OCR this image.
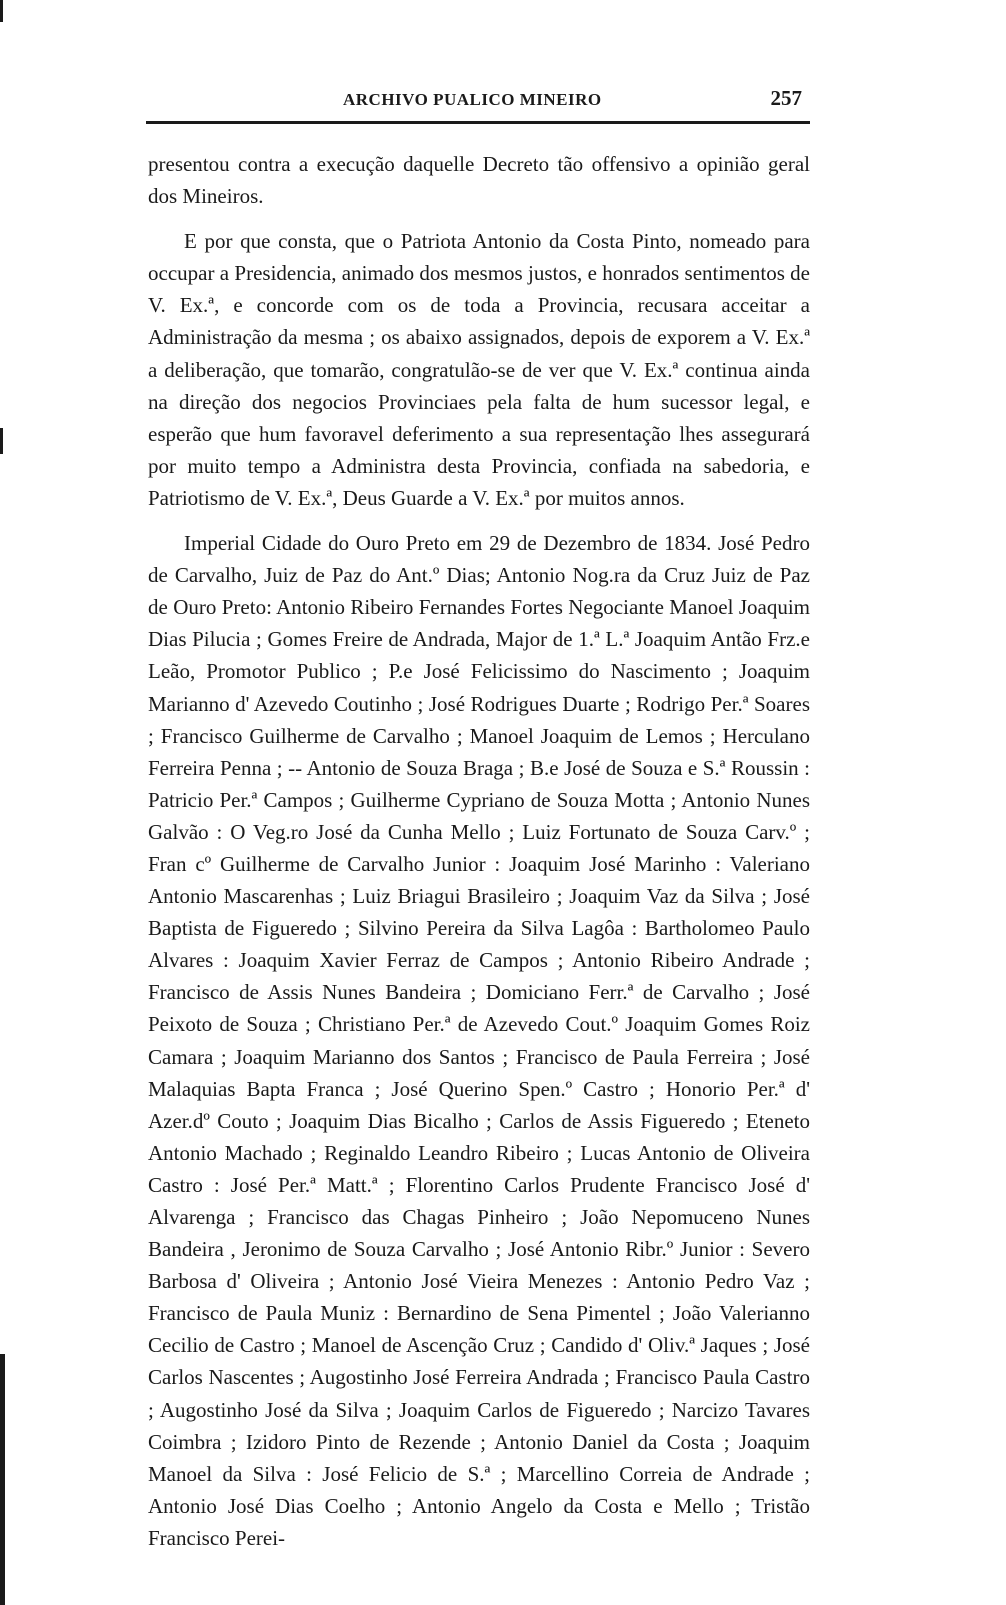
ARCHIVO PUALICO MINEIRO	257

presentou contra a execução daquelle Decreto tão offensivo a opinião geral dos Mineiros.

E por que consta, que o Patriota Antonio da Costa Pinto, nomeado para occupar a Presidencia, animado dos mesmos justos, e honrados sentimentos de V. Ex.ª, e concorde com os de toda a Provincia, recusara acceitar a Administração da mesma ; os abaixo assignados, depois de exporem a V. Ex.ª a deliberação, que tomarão, congratulão-se de ver que V. Ex.ª continua ainda na direção dos negocios Provinciaes pela falta de hum sucessor legal, e esperão que hum favoravel deferimento a sua representação lhes assegurará por muito tempo a Administra desta Provincia, confiada na sabedoria, e Patriotismo de V. Ex.ª, Deus Guarde a V. Ex.ª por muitos annos.

Imperial Cidade do Ouro Preto em 29 de Dezembro de 1834. José Pedro de Carvalho, Juiz de Paz do Ant.º Dias; Antonio Nog.ra da Cruz Juiz de Paz de Ouro Preto: Antonio Ribeiro Fernandes Fortes Negociante Manoel Joaquim Dias Pilucia ; Gomes Freire de Andrada, Major de 1.ª L.ª Joaquim Antão Frz.e Leão, Promotor Publico ; P.e José Felicissimo do Nascimento ; Joaquim Marianno d' Azevedo Coutinho ; José Rodrigues Duarte ; Rodrigo Per.ª Soares ; Francisco Guilherme de Carvalho ; Manoel Joaquim de Lemos ; Herculano Ferreira Penna ; -- Antonio de Souza Braga ; B.e José de Souza e S.ª Roussin : Patricio Per.ª Campos ; Guilherme Cypriano de Souza Motta ; Antonio Nunes Galvão : O Veg.ro José da Cunha Mello ; Luiz Fortunato de Souza Carv.º ; Fran cº Guilherme de Carvalho Junior : Joaquim José Marinho : Valeriano Antonio Mascarenhas ; Luiz Briagui Brasileiro ; Joaquim Vaz da Silva ; José Baptista de Figueredo ; Silvino Pereira da Silva Lagôa : Bartholomeo Paulo Alvares : Joaquim Xavier Ferraz de Campos ; Antonio Ribeiro Andrade ; Francisco de Assis Nunes Bandeira ; Domiciano Ferr.ª de Carvalho ; José Peixoto de Souza ; Christiano Per.ª de Azevedo Cout.º Joaquim Gomes Roiz Camara ; Joaquim Marianno dos Santos ; Francisco de Paula Ferreira ; José Malaquias Bapta Franca ; José Querino Spen.º Castro ; Honorio Per.ª d' Azer.dº Couto ; Joaquim Dias Bicalho ; Carlos de Assis Figueredo ; Eteneto Antonio Machado ; Reginaldo Leandro Ribeiro ; Lucas Antonio de Oliveira Castro : José Per.ª Matt.ª ; Florentino Carlos Prudente Francisco José d' Alvarenga ; Francisco das Chagas Pinheiro ; João Nepomuceno Nunes Bandeira , Jeronimo de Souza Carvalho ; José Antonio Ribr.º Junior : Severo Barbosa d' Oliveira ; Antonio José Vieira Menezes : Antonio Pedro Vaz ; Francisco de Paula Muniz : Bernardino de Sena Pimentel ; João Valerianno Cecilio de Castro ; Manoel de Ascenção Cruz ; Candido d' Oliv.ª Jaques ; José Carlos Nascentes ; Augostinho José Ferreira Andrada ; Francisco Paula Castro ; Augostinho José da Silva ; Joaquim Carlos de Figueredo ; Narcizo Tavares Coimbra ; Izidoro Pinto de Rezende ; Antonio Daniel da Costa ; Joaquim Manoel da Silva : José Felicio de S.ª ; Marcellino Correia de Andrade ; Antonio José Dias Coelho ; Antonio Angelo da Costa e Mello ; Tristão Francisco Perei-
